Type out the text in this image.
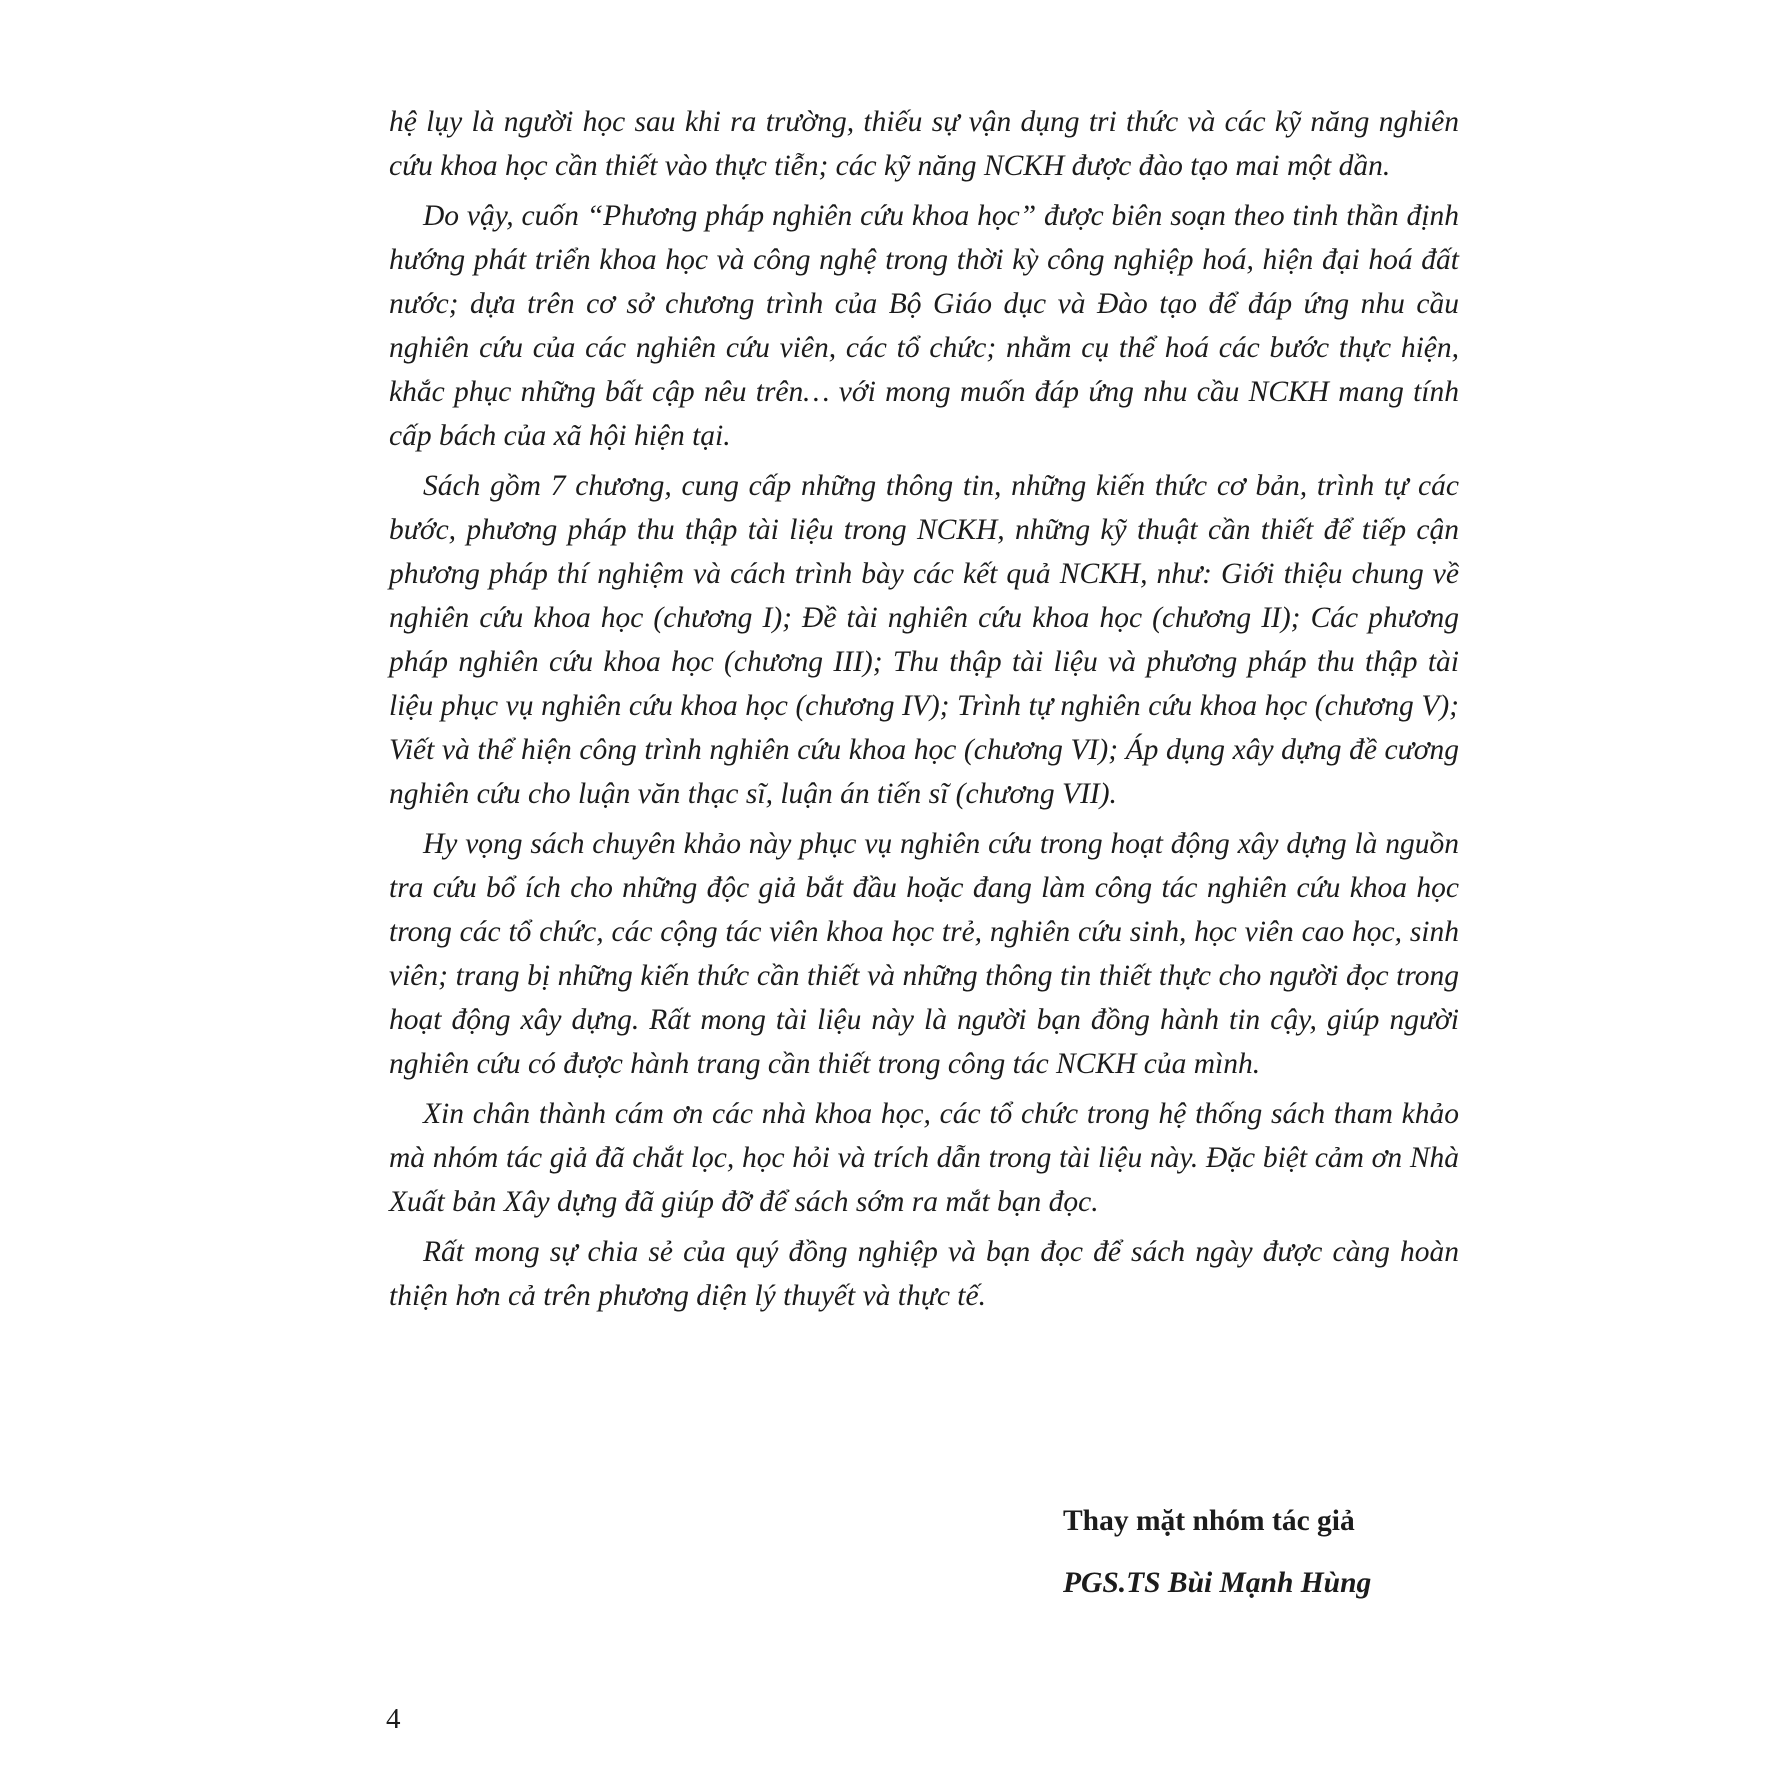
hệ lụy là người học sau khi ra trường, thiếu sự vận dụng tri thức và các kỹ năng nghiên cứu khoa học cần thiết vào thực tiễn; các kỹ năng NCKH được đào tạo mai một dần.

Do vậy, cuốn “Phương pháp nghiên cứu khoa học” được biên soạn theo tinh thần định hướng phát triển khoa học và công nghệ trong thời kỳ công nghiệp hoá, hiện đại hoá đất nước; dựa trên cơ sở chương trình của Bộ Giáo dục và Đào tạo để đáp ứng nhu cầu nghiên cứu của các nghiên cứu viên, các tổ chức; nhằm cụ thể hoá các bước thực hiện, khắc phục những bất cập nêu trên… với mong muốn đáp ứng nhu cầu NCKH mang tính cấp bách của xã hội hiện tại.

Sách gồm 7 chương, cung cấp những thông tin, những kiến thức cơ bản, trình tự các bước, phương pháp thu thập tài liệu trong NCKH, những kỹ thuật cần thiết để tiếp cận phương pháp thí nghiệm và cách trình bày các kết quả NCKH, như: Giới thiệu chung về nghiên cứu khoa học (chương I); Đề tài nghiên cứu khoa học (chương II); Các phương pháp nghiên cứu khoa học (chương III); Thu thập tài liệu và phương pháp thu thập tài liệu phục vụ nghiên cứu khoa học (chương IV); Trình tự nghiên cứu khoa học (chương V); Viết và thể hiện công trình nghiên cứu khoa học (chương VI); Áp dụng xây dựng đề cương nghiên cứu cho luận văn thạc sĩ, luận án tiến sĩ (chương VII).

Hy vọng sách chuyên khảo này phục vụ nghiên cứu trong hoạt động xây dựng là nguồn tra cứu bổ ích cho những độc giả bắt đầu hoặc đang làm công tác nghiên cứu khoa học trong các tổ chức, các cộng tác viên khoa học trẻ, nghiên cứu sinh, học viên cao học, sinh viên; trang bị những kiến thức cần thiết và những thông tin thiết thực cho người đọc trong hoạt động xây dựng. Rất mong tài liệu này là người bạn đồng hành tin cậy, giúp người nghiên cứu có được hành trang cần thiết trong công tác NCKH của mình.

Xin chân thành cám ơn các nhà khoa học, các tổ chức trong hệ thống sách tham khảo mà nhóm tác giả đã chắt lọc, học hỏi và trích dẫn trong tài liệu này. Đặc biệt cảm ơn Nhà Xuất bản Xây dựng đã giúp đỡ để sách sớm ra mắt bạn đọc.

Rất mong sự chia sẻ của quý đồng nghiệp và bạn đọc để sách ngày được càng hoàn thiện hơn cả trên phương diện lý thuyết và thực tế.

Thay mặt nhóm tác giả
PGS.TS Bùi Mạnh Hùng
4
